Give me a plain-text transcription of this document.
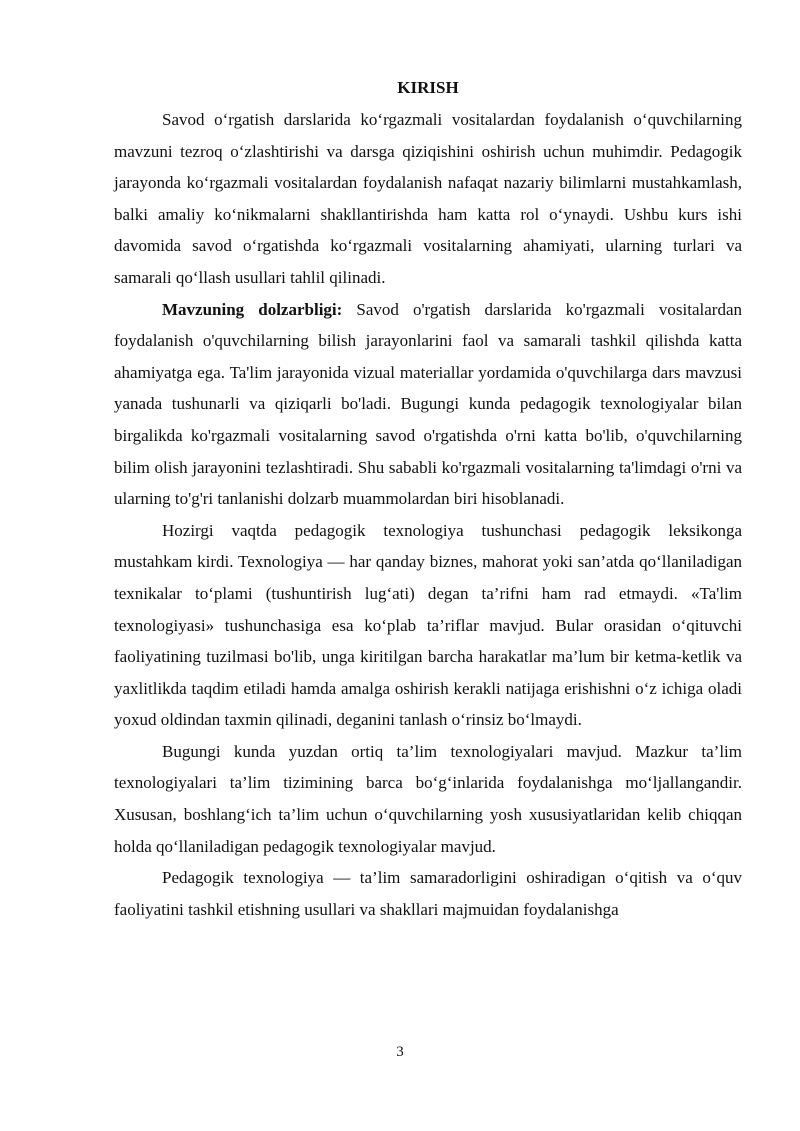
KIRISH

Savod o‘rgatish darslarida ko‘rgazmali vositalardan foydalanish o‘quvchilarning mavzuni tezroq o‘zlashtirishi va darsga qiziqishini oshirish uchun muhimdir. Pedagogik jarayonda ko‘rgazmali vositalardan foydalanish nafaqat nazariy bilimlarni mustahkamlash, balki amaliy ko‘nikmalarni shakllantirishda ham katta rol o‘ynaydi. Ushbu kurs ishi davomida savod o‘rgatishda ko‘rgazmali vositalarning ahamiyati, ularning turlari va samarali qo‘llash usullari tahlil qilinadi.

Mavzuning dolzarbligi: Savod o'rgatish darslarida ko'rgazmali vositalardan foydalanish o'quvchilarning bilish jarayonlarini faol va samarali tashkil qilishda katta ahamiyatga ega. Ta'lim jarayonida vizual materiallar yordamida o'quvchilarga dars mavzusi yanada tushunarli va qiziqarli bo'ladi. Bugungi kunda pedagogik texnologiyalar bilan birgalikda ko'rgazmali vositalarning savod o'rgatishda o'rni katta bo'lib, o'quvchilarning bilim olish jarayonini tezlashtiradi. Shu sababli ko'rgazmali vositalarning ta'limdagi o'rni va ularning to'g'ri tanlanishi dolzarb muammolardan biri hisoblanadi.

Hozirgi vaqtda pedagogik texnologiya tushunchasi pedagogik leksikonga mustahkam kirdi. Texnologiya — har qanday biznes, mahorat yoki san’atda qo‘llaniladigan texnikalar to‘plami (tushuntirish lug‘ati) degan ta’rifni ham rad etmaydi. «Ta'lim texnologiyasi» tushunchasiga esa ko‘plab ta’riflar mavjud. Bular orasidan o‘qituvchi faoliyatining tuzilmasi bo'lib, unga kiritilgan barcha harakatlar ma’lum bir ketma-ketlik va yaxlitlikda taqdim etiladi hamda amalga oshirish kerakli natijaga erishishni o‘z ichiga oladi yoxud oldindan taxmin qilinadi, deganini tanlash o‘rinsiz bo‘lmaydi.

Bugungi kunda yuzdan ortiq ta’lim texnologiyalari mavjud. Mazkur ta’lim texnologiyalari ta’lim tizimining barca bo‘g‘inlarida foydalanishga mo‘ljallangandir. Xususan, boshlang‘ich ta’lim uchun o‘quvchilarning yosh xususiyatlaridan kelib chiqqan holda qo‘llaniladigan pedagogik texnologiyalar mavjud.

Pedagogik texnologiya — ta’lim samaradorligini oshiradigan o‘qitish va o‘quv faoliyatini tashkil etishning usullari va shakllari majmuidan foydalanishga

3
